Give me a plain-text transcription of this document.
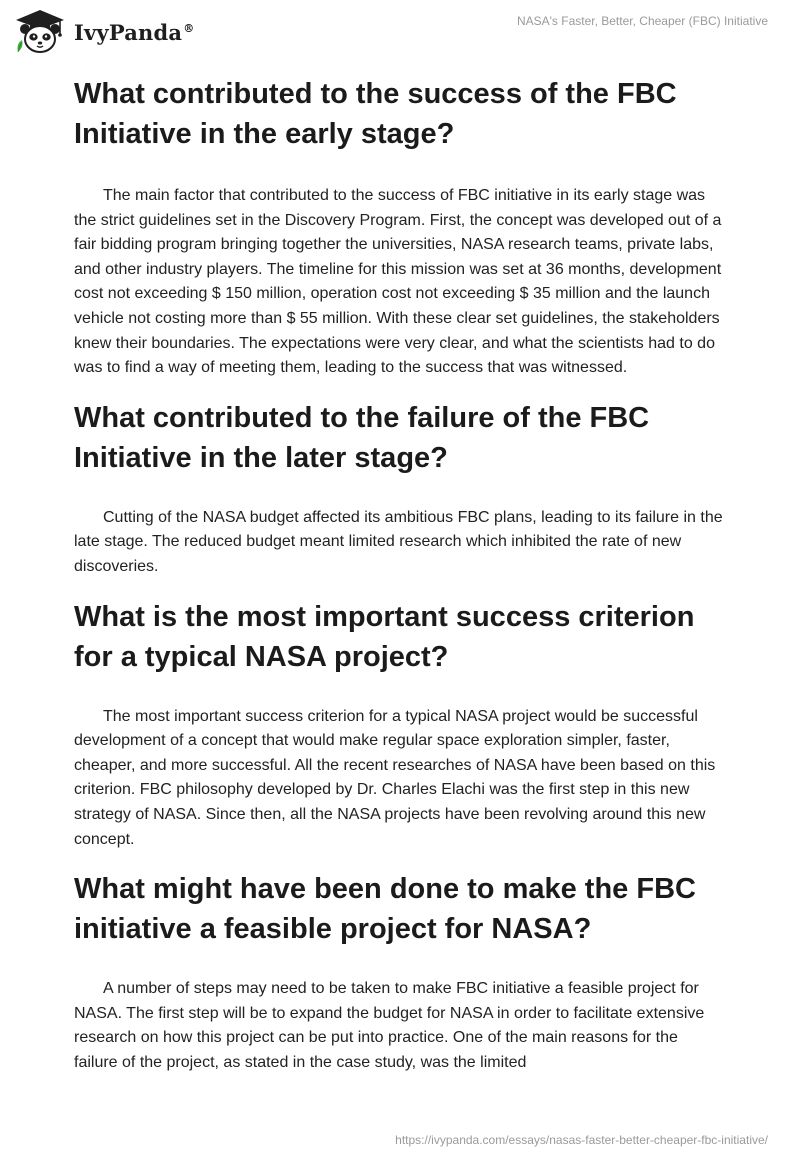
IvyPanda®	NASA's Faster, Better, Cheaper (FBC) Initiative
What contributed to the success of the FBC Initiative in the early stage?

The main factor that contributed to the success of FBC initiative in its early stage was the strict guidelines set in the Discovery Program. First, the concept was developed out of a fair bidding program bringing together the universities, NASA research teams, private labs, and other industry players. The timeline for this mission was set at 36 months, development cost not exceeding $ 150 million, operation cost not exceeding $ 35 million and the launch vehicle not costing more than $ 55 million. With these clear set guidelines, the stakeholders knew their boundaries. The expectations were very clear, and what the scientists had to do was to find a way of meeting them, leading to the success that was witnessed.

What contributed to the failure of the FBC Initiative in the later stage?

Cutting of the NASA budget affected its ambitious FBC plans, leading to its failure in the late stage. The reduced budget meant limited research which inhibited the rate of new discoveries.

What is the most important success criterion for a typical NASA project?

The most important success criterion for a typical NASA project would be successful development of a concept that would make regular space exploration simpler, faster, cheaper, and more successful. All the recent researches of NASA have been based on this criterion. FBC philosophy developed by Dr. Charles Elachi was the first step in this new strategy of NASA. Since then, all the NASA projects have been revolving around this new concept.

What might have been done to make the FBC initiative a feasible project for NASA?

A number of steps may need to be taken to make FBC initiative a feasible project for NASA. The first step will be to expand the budget for NASA in order to facilitate extensive research on how this project can be put into practice. One of the main reasons for the failure of the project, as stated in the case study, was the limited

https://ivypanda.com/essays/nasas-faster-better-cheaper-fbc-initiative/
